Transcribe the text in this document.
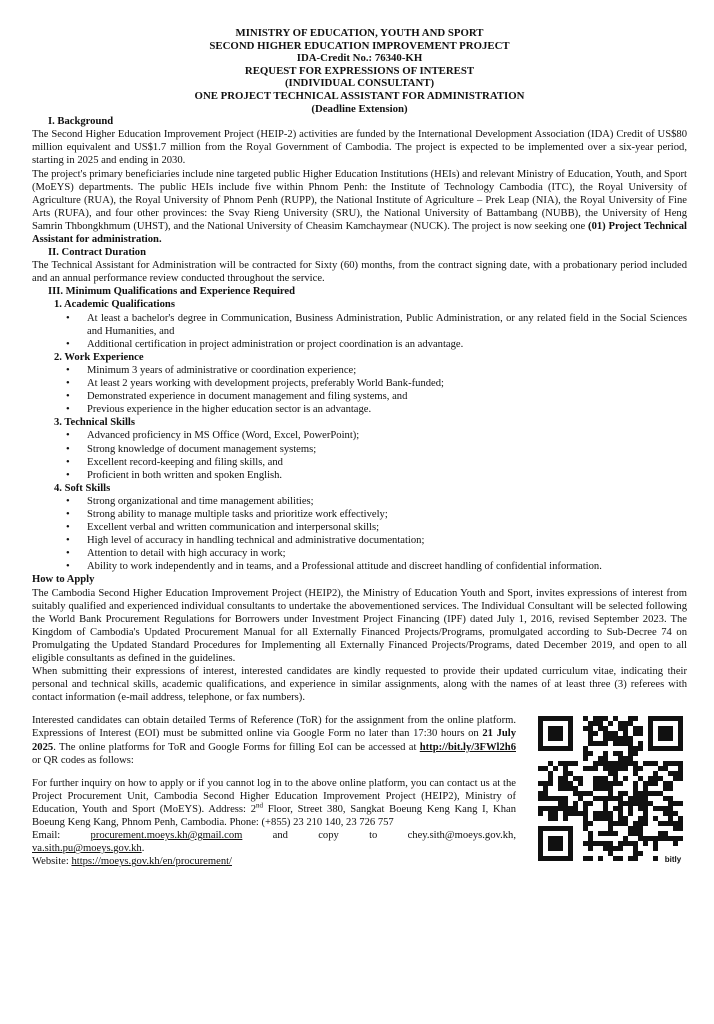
MINISTRY OF EDUCATION, YOUTH AND SPORT
SECOND HIGHER EDUCATION IMPROVEMENT PROJECT
IDA-Credit No.: 76340-KH
REQUEST FOR EXPRESSIONS OF INTEREST
(INDIVIDUAL CONSULTANT)
ONE PROJECT TECHNICAL ASSISTANT FOR ADMINISTRATION
(Deadline Extension)
I. Background

The Second Higher Education Improvement Project (HEIP-2) activities are funded by the International Development Association (IDA) Credit of US$80 million equivalent and US$1.7 million from the Royal Government of Cambodia. The project is expected to be implemented over a six-year period, starting in 2025 and ending in 2030.

The project's primary beneficiaries include nine targeted public Higher Education Institutions (HEIs) and relevant Ministry of Education, Youth, and Sport (MoEYS) departments. The public HEIs include five within Phnom Penh: the Institute of Technology Cambodia (ITC), the Royal University of Agriculture (RUA), the Royal University of Phnom Penh (RUPP), the National Institute of Agriculture – Prek Leap (NIA), the Royal University of Fine Arts (RUFA), and four other provinces: the Svay Rieng University (SRU), the National University of Battambang (NUBB), the University of Heng Samrin Thbongkhmum (UHST), and the National University of Cheasim Kamchaymear (NUCK). The project is now seeking one (01) Project Technical Assistant for administration.

II. Contract Duration

The Technical Assistant for Administration will be contracted for Sixty (60) months, from the contract signing date, with a probationary period included and an annual performance review conducted throughout the service.

III. Minimum Qualifications and Experience Required
1. Academic Qualifications
• At least a bachelor's degree in Communication, Business Administration, Public Administration, or any related field in the Social Sciences and Humanities, and
• Additional certification in project administration or project coordination is an advantage.
2. Work Experience
• Minimum 3 years of administrative or coordination experience;
• At least 2 years working with development projects, preferably World Bank-funded;
• Demonstrated experience in document management and filing systems, and
• Previous experience in the higher education sector is an advantage.
3. Technical Skills
• Advanced proficiency in MS Office (Word, Excel, PowerPoint);
• Strong knowledge of document management systems;
• Excellent record-keeping and filing skills, and
• Proficient in both written and spoken English.
4. Soft Skills
• Strong organizational and time management abilities;
• Strong ability to manage multiple tasks and prioritize work effectively;
• Excellent verbal and written communication and interpersonal skills;
• High level of accuracy in handling technical and administrative documentation;
• Attention to detail with high accuracy in work;
• Ability to work independently and in teams, and a Professional attitude and discreet handling of confidential information.
How to Apply

The Cambodia Second Higher Education Improvement Project (HEIP2), the Ministry of Education Youth and Sport, invites expressions of interest from suitably qualified and experienced individual consultants to undertake the abovementioned services. The Individual Consultant will be selected following the World Bank Procurement Regulations for Borrowers under Investment Project Financing (IPF) dated July 1, 2016, revised September 2023. The Kingdom of Cambodia's Updated Procurement Manual for all Externally Financed Projects/Programs, promulgated according to Sub-Decree 74 on Promulgating the Updated Standard Procedures for Implementing all Externally Financed Projects/Programs, dated December 2019, and open to all eligible consultants as defined in the guidelines.

When submitting their expressions of interest, interested candidates are kindly requested to provide their updated curriculum vitae, indicating their personal and technical skills, academic qualifications, and experience in similar assignments, along with the names of at least three (3) referees with contact information (e-mail address, telephone, or fax numbers).

Interested candidates can obtain detailed Terms of Reference (ToR) for the assignment from the online platform. Expressions of Interest (EOI) must be submitted online via Google Form no later than 17:30 hours on 21 July 2025. The online platforms for ToR and Google Forms for filling EoI can be accessed at http://bit.ly/3FWl2h6 or QR codes as follows:

For further inquiry on how to apply or if you cannot log in to the above online platform, you can contact us at the Project Procurement Unit, Cambodia Second Higher Education Improvement Project (HEIP2), Ministry of Education, Youth and Sport (MoEYS). Address: 2nd Floor, Street 380, Sangkat Boeung Keng Kang I, Khan Boeung Keng Kang, Phnom Penh, Cambodia. Phone: (+855) 23 210 140, 23 726 757

Email:	procurement.moeys.kh@gmail.com	and	copy	to	chey.sith@moeys.gov.kh,
va.sith.pu@moeys.gov.kh.
Website: https://moeys.gov.kh/en/procurement/	bitly
